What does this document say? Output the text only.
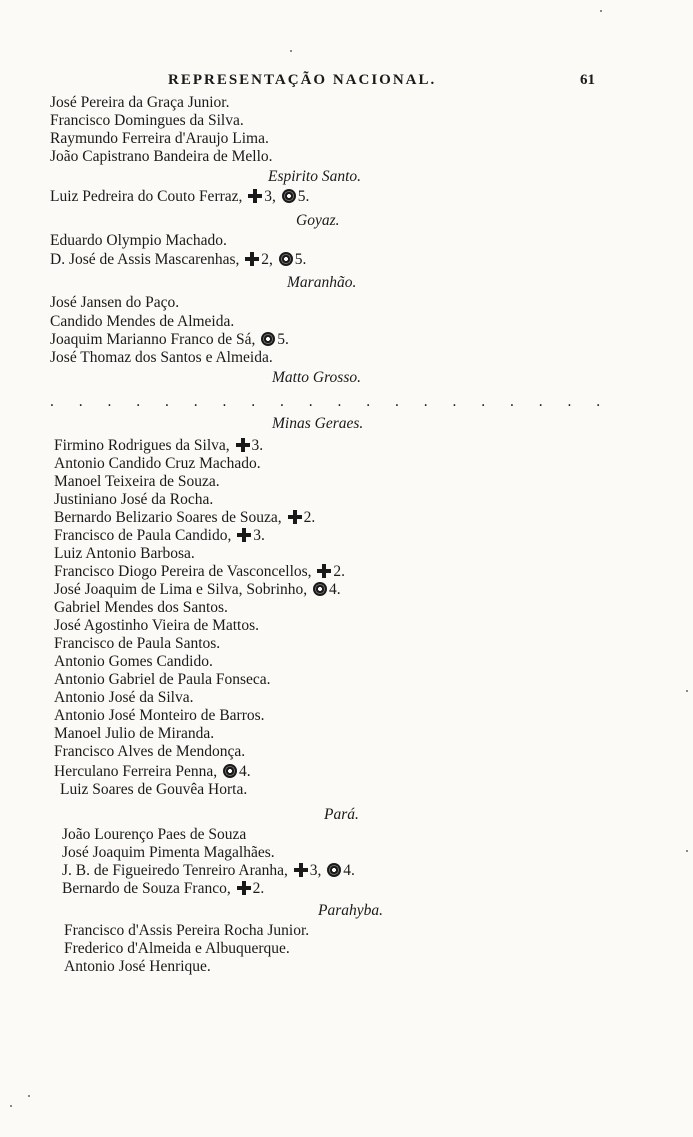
REPRESENTAÇÃO NACIONAL.	61
José Pereira da Graça Junior.
Francisco Domingues da Silva.
Raymundo Ferreira d'Araujo Lima.
João Capistrano Bandeira de Mello.
Espirito Santo.
Luiz Pedreira do Couto Ferraz, 3, 5.
Goyaz.
Eduardo Olympio Machado.
D. José de Assis Mascarenhas, 2, 5.
Maranhão.
José Jansen do Paço.
Candido Mendes de Almeida.
Joaquim Marianno Franco de Sá, 5.
José Thomaz dos Santos e Almeida.
Matto Grosso.
. . . . . . . . . . . . . . . . . . . .
Minas Geraes.
Firmino Rodrigues da Silva, 3.
Antonio Candido Cruz Machado.
Manoel Teixeira de Souza.
Justiniano José da Rocha.
Bernardo Belizario Soares de Souza, 2.
Francisco de Paula Candido, 3.
Luiz Antonio Barbosa.
Francisco Diogo Pereira de Vasconcellos, 2.
José Joaquim de Lima e Silva, Sobrinho, 4.
Gabriel Mendes dos Santos.
José Agostinho Vieira de Mattos.
Francisco de Paula Santos.
Antonio Gomes Candido.
Antonio Gabriel de Paula Fonseca.
Antonio José da Silva.
Antonio José Monteiro de Barros.
Manoel Julio de Miranda.
Francisco Alves de Mendonça.
Herculano Ferreira Penna, 4.
Luiz Soares de Gouvêa Horta.
Pará.
João Lourenço Paes de Souza
José Joaquim Pimenta Magalhães.
J. B. de Figueiredo Tenreiro Aranha, 3, 4.
Bernardo de Souza Franco, 2.
Parahyba.
Francisco d'Assis Pereira Rocha Junior.
Frederico d'Almeida e Albuquerque.
Antonio José Henrique.
